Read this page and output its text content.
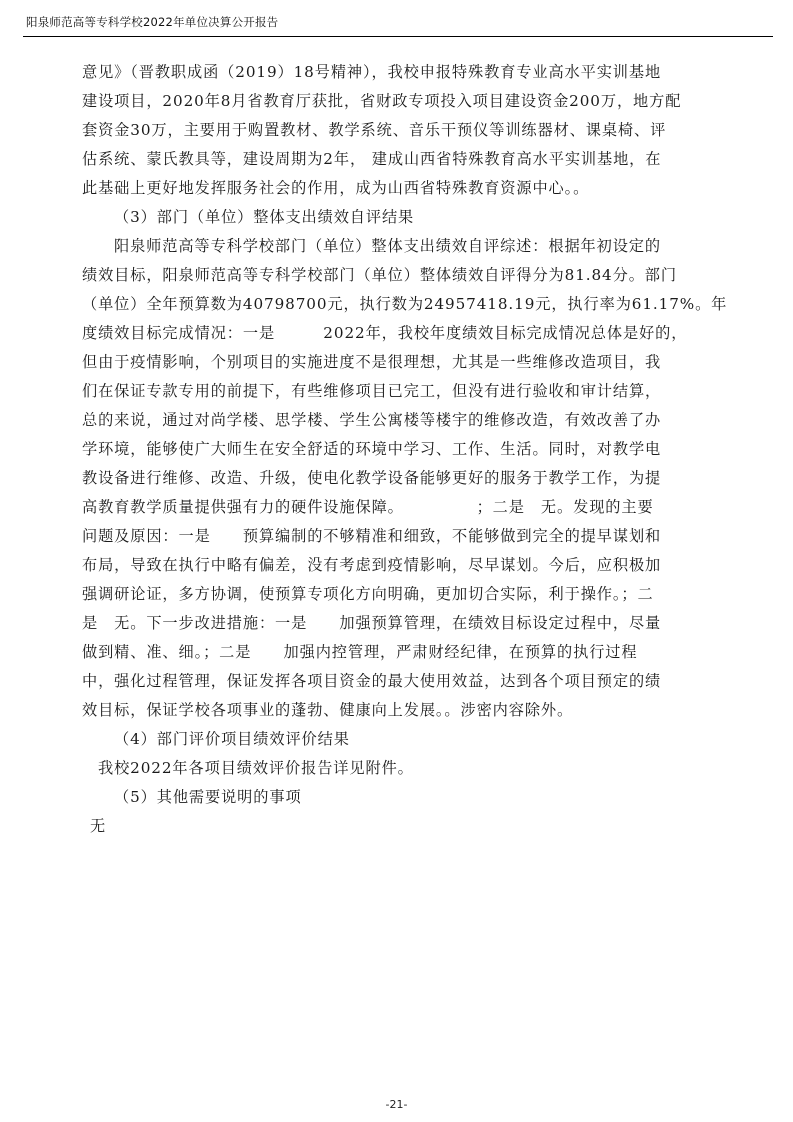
阳泉师范高等专科学校2022年单位决算公开报告
意见》（晋教职成函（2019）18号精神），我校申报特殊教育专业高水平实训基地
建设项目，2020年8月省教育厅获批，省财政专项投入项目建设资金200万，地方配
套资金30万，主要用于购置教材、教学系统、音乐干预仪等训练器材、课桌椅、评
估系统、蒙氏教具等，建设周期为2年， 建成山西省特殊教育高水平实训基地，在
此基础上更好地发挥服务社会的作用，成为山西省特殊教育资源中心。。
（3）部门（单位）整体支出绩效自评结果
阳泉师范高等专科学校部门（单位）整体支出绩效自评综述：根据年初设定的
绩效目标，阳泉师范高等专科学校部门（单位）整体绩效自评得分为81.84分。部门
（单位）全年预算数为40798700元，执行数为24957418.19元，执行率为61.17%。年
度绩效目标完成情况：一是　　　2022年，我校年度绩效目标完成情况总体是好的，
但由于疫情影响，个别项目的实施进度不是很理想，尤其是一些维修改造项目，我
们在保证专款专用的前提下，有些维修项目已完工，但没有进行验收和审计结算，
总的来说，通过对尚学楼、思学楼、学生公寓楼等楼宇的维修改造，有效改善了办
学环境，能够使广大师生在安全舒适的环境中学习、工作、生活。同时，对教学电
教设备进行维修、改造、升级，使电化教学设备能够更好的服务于教学工作，为提
高教育教学质量提供强有力的硬件设施保障。　　　　　；二是　无。发现的主要
问题及原因：一是　　预算编制的不够精准和细致，不能够做到完全的提早谋划和
布局，导致在执行中略有偏差，没有考虑到疫情影响，尽早谋划。今后，应积极加
强调研论证，多方协调，使预算专项化方向明确，更加切合实际，利于操作。；二
是　无。下一步改进措施：一是　　加强预算管理，在绩效目标设定过程中，尽量
做到精、准、细。；二是　　加强内控管理，严肃财经纪律，在预算的执行过程
中，强化过程管理，保证发挥各项目资金的最大使用效益，达到各个项目预定的绩
效目标，保证学校各项事业的蓬勃、健康向上发展。。涉密内容除外。
（4）部门评价项目绩效评价结果
我校2022年各项目绩效评价报告详见附件。
（5）其他需要说明的事项
无
-21-
